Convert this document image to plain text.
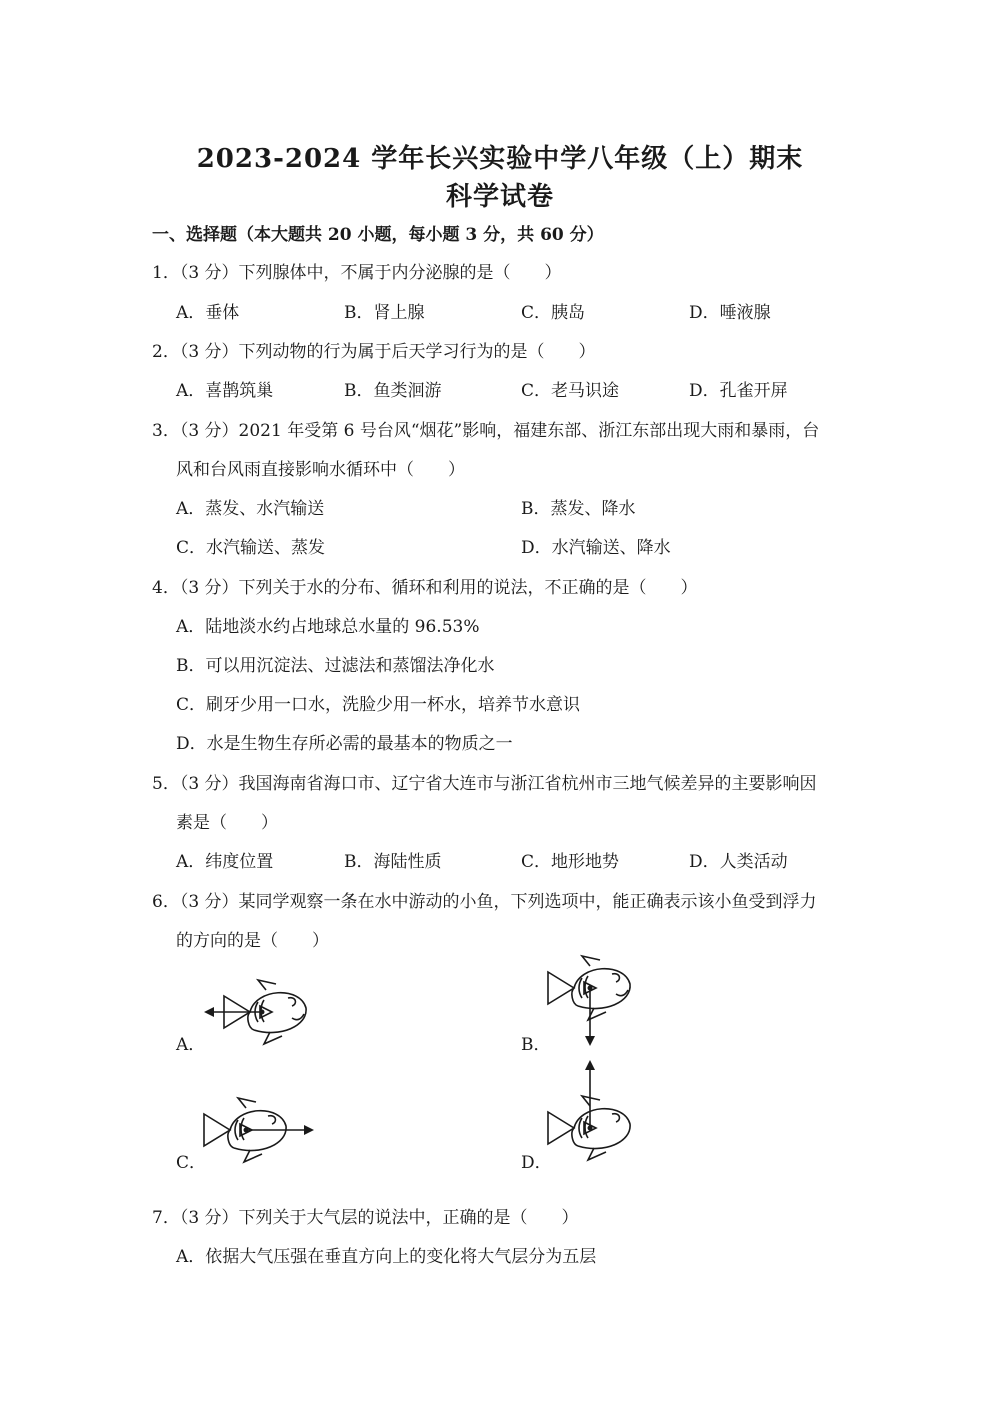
2023-2024 学年长兴实验中学八年级（上）期末
科学试卷
一、选择题（本大题共 20 小题，每小题 3 分，共 60 分）
1．（3 分）下列腺体中，不属于内分泌腺的是（　　）
A．垂体	B．肾上腺	C．胰岛	D．唾液腺
2．（3 分）下列动物的行为属于后天学习行为的是（　　）
A．喜鹊筑巢	B．鱼类洄游	C．老马识途	D．孔雀开屏
3．（3 分）2021 年受第 6 号台风“烟花”影响，福建东部、浙江东部出现大雨和暴雨，台
风和台风雨直接影响水循环中（　　）
A．蒸发、水汽输送	B．蒸发、降水
C．水汽输送、蒸发	D．水汽输送、降水
4．（3 分）下列关于水的分布、循环和利用的说法，不正确的是（　　）
A．陆地淡水约占地球总水量的 96.53%
B．可以用沉淀法、过滤法和蒸馏法净化水
C．刷牙少用一口水，洗脸少用一杯水，培养节水意识
D．水是生物生存所必需的最基本的物质之一
5．（3 分）我国海南省海口市、辽宁省大连市与浙江省杭州市三地气候差异的主要影响因
素是（　　）
A．纬度位置	B．海陆性质	C．地形地势	D．人类活动
6．（3 分）某同学观察一条在水中游动的小鱼，下列选项中，能正确表示该小鱼受到浮力
的方向的是（　　）
A．	B．
C．	D．
7．（3 分）下列关于大气层的说法中，正确的是（　　）
A．依据大气压强在垂直方向上的变化将大气层分为五层
